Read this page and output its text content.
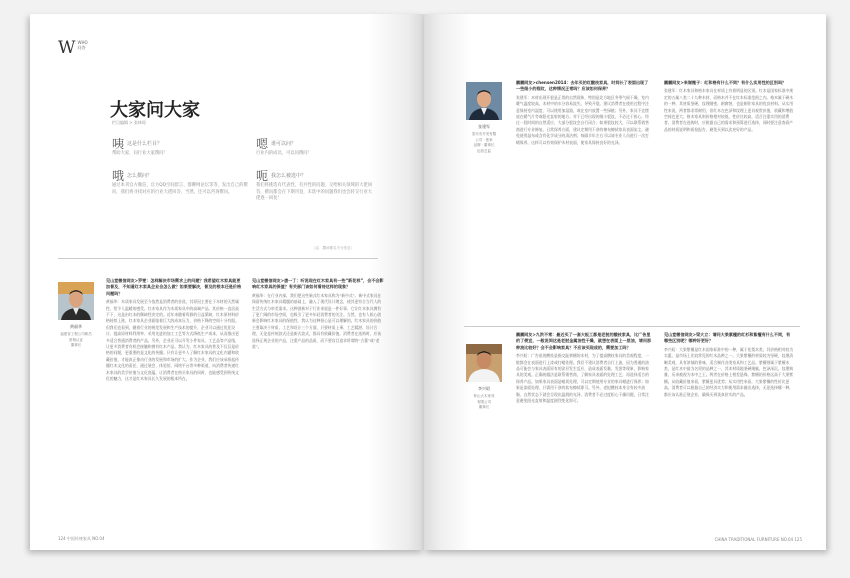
W WHO
问答
大家问大家
栏目编辑 > 张林琼
咦这是什么栏目？
帮助大家、问行业大家撰问！
哦怎么撰问？
通过本刊官方微信、官方QQ空间留言、群聊网论坛等等，发出自己的撰问，我们将寻找对应的行业大佬回答，当然，还可以咨询撰问。
嗯谁可以问？
行业内的成员，可以问撰问！
呃我怎么被选中？
我们将挑选有代表性、有共性的问题，交给相关领域的大佬回答，撰问都会在下期刊登，未选中的问题我们也会转交行业大佬逐一回复！
（注：撰问排名不分先后）
黄福华
福建省工程公司职员
资格认证
董事长
见山堂微信网友>罗雯：怎样解决市场需求上的问题？我希望红木家具能更加普及，不知道红木家具企业会怎么做？如果要解决，普及的根本还是价格问题吗？
黄福华：木质家具发展至今依然是消费者的首选，其原因主要在于木材的天然属性，给予人温暖的感受。红木家具作为木质家具中的高端产品，其价格一直居高不下，这是由红木的稀缺性决定的。近年来随着资源的日益紧缺，红木原材料价格持续上涨，红木家具企业面临着巨大的成本压力，价格下降的空间十分有限。但我们也看到，随着行业的规范发展和生产技术的提升，企业可以通过优化设计、提高原材料利用率、采用先进的加工工艺等方式降低生产成本，从而推出更多适合普通消费者的产品。另外，企业还可以开发小件家具、工艺品等产品线，让更多消费者有机会接触和拥有红木产品。我认为，红木家具的普及不仅仅是价格的问题，更重要的是文化的传播。只有让更多人了解红木家具的文化内涵和收藏价值，才能真正推动行业的发展和市场的扩大。作为企业，我们应该承担起传播红木文化的责任，通过展会、体验馆、网络平台等多种渠道，向消费者传递红木家具的美学价值与文化底蕴，让消费者在购买家具的同时，也能感受到传统文化的魅力，这才是红木家具长久发展的根本所在。
见山堂微信网友>唐一丁：听说现在红木家具有一些“新花样”，会不会影响红木家具的保值？有关部门该如何看待这样的现象？
黄福华：在行业内部，我们把这些新式红木家具称为“新中式”。新中式家具在保留传统红木家具精髓的基础上，融入了现代设计理念，使其更符合当代人的生活方式与审美需求。这种创新对于行业来说是一件好事，它让红木家具拥有了更广阔的市场空间，也吸引了更多年轻消费者的关注。当然，也有人担心创新会影响红木家具的保值性，我认为这种担心是可以理解的。红木家具的价值主要取决于材质、工艺和设计三个方面，只要材质上乘、工艺精湛、设计合理，无论是传统款式还是新式款式，都具有收藏价值。消费者在选购时，应该选择正规企业的产品，注重产品的品质，而不要盲目追求所谓的“古董”或“老款”。
124 中国传统家具 NO.04
张建军
泰安市开发有限
公司 · 独家
品牌 · 董事长
运营总监
鹏鹏网友>chensen2014：去年买的红酸枝家具，时间长了表面出现了一些细小的裂纹，这种情况正常吗？应该如何保养？
张建军：木材出现开裂是正常的自然现象，特别是北方地区冬季气候干燥，室内暖气温度较高，木材中的水分容易流失，导致开裂。建议消费者在使用过程中注意保持室内湿度，可以使用加湿器，或在室内放置一些绿植；另外，家具不宜摆放在暖气片旁或阳光直射的地方。对于已经出现的细小裂纹，不必过于担心，经过一段时间的自然适应，大部分裂纹会自行闭合；如果裂纹较大，可以联系销售商进行专业修复。日常保养方面，建议定期用干净的棉布擦拭家具表面灰尘，避免使用湿布或含有化学成分的清洁剂；每隔半年左右可以请专业人员进行一次打蜡保养，这样可以有效保护木材表面，使家具保持良好的光泽。
鹏鹏网友>来谢搬子：红和格有什么不同？有什么实用性的区别吗？
张建军：红木家具和格木家具在材质上有着明显的区别。红木是国家标准中规定的五属八类二十九种木材，而格木并不在红木标准范围之内。格木属于硬木的一种，其材质坚硬、纹理细密、耐腐蚀，也是制作家具的优良材料。从实用性来说，两者都非常耐用，但红木在色泽和纹理上更具观赏价值，收藏和增值空间也更大；格木家具则价格相对较低，性价比较高，适合注重实用的消费者。消费者在选购时，应根据自己的需求和预算进行选择，同时要注意查看产品的材质说明和质检报告，避免买到以次充好的产品。
李兴昭
仲山大木家具
有限公司
董事长
鹏鹏网友>九洪不常：最近买了一套大板工都是老挝的酸枝家具，比广告里的了便宜，一般说间这是老挝金属油性干燥，就想在表面上一层油，请问那种油比较好？会不会影响家具？不应该买现成的，需要加工吗？
李兴昭：广告说的酸枝是指交趾黄檀的木材，为了提高酸枝家具的美观程度，一般都会在表面进行上漆或打蜡处理。我们不建议消费者自行上油，因为普通的油品可能会与家具表面原有的涂层发生反应，造成表面发黏、发黑等现象，影响家具的美观。正确的做法是联系销售商，了解家具表面的处理工艺，再选择适合的保养产品。如果家具表面是蜡质处理，可以定期使用专业的家具蜡进行保养；如果是漆面处理，只需用干净的软布擦拭即可。另外，老挝酸枝本身含有较多油脂，自然状态下就会呈现出温润的光泽，消费者不必过度担心干燥问题，日常注意避免阳光直射和温度剧烈变化即可。
见山堂微信网友>梁大立：请问大果紫檀的红杉和紫檀有什么不同，有哪些区别呢？哪种好更好？
李兴昭：大果紫檀是红木国家标准中的一种，属于花梨木类，其价格相对较为实惠，是市场上比较常见的红木品种之一。大果紫檀的材质较为坚硬，纹理清晰美观，具有浓郁的香味，适合制作各类家具和工艺品。紫檀则属于紫檀木类，是红木中最为名贵的品种之一，其木材质地坚硬细腻，色泽深沉，纹理典雅，历来被视为木中之王。两者在价格上相差悬殊，紫檀的价格远高于大果紫檀。从收藏价值来看，紫檀更具优势；从实用性来看，大果紫檀的性价比更高。消费者可以根据自己的经济实力和使用需求做出选择，无论选择哪一种，都应该认准正规企业，确保买到货真价实的产品。
CHINA TRADITIONAL FURNITURE NO.04 125
